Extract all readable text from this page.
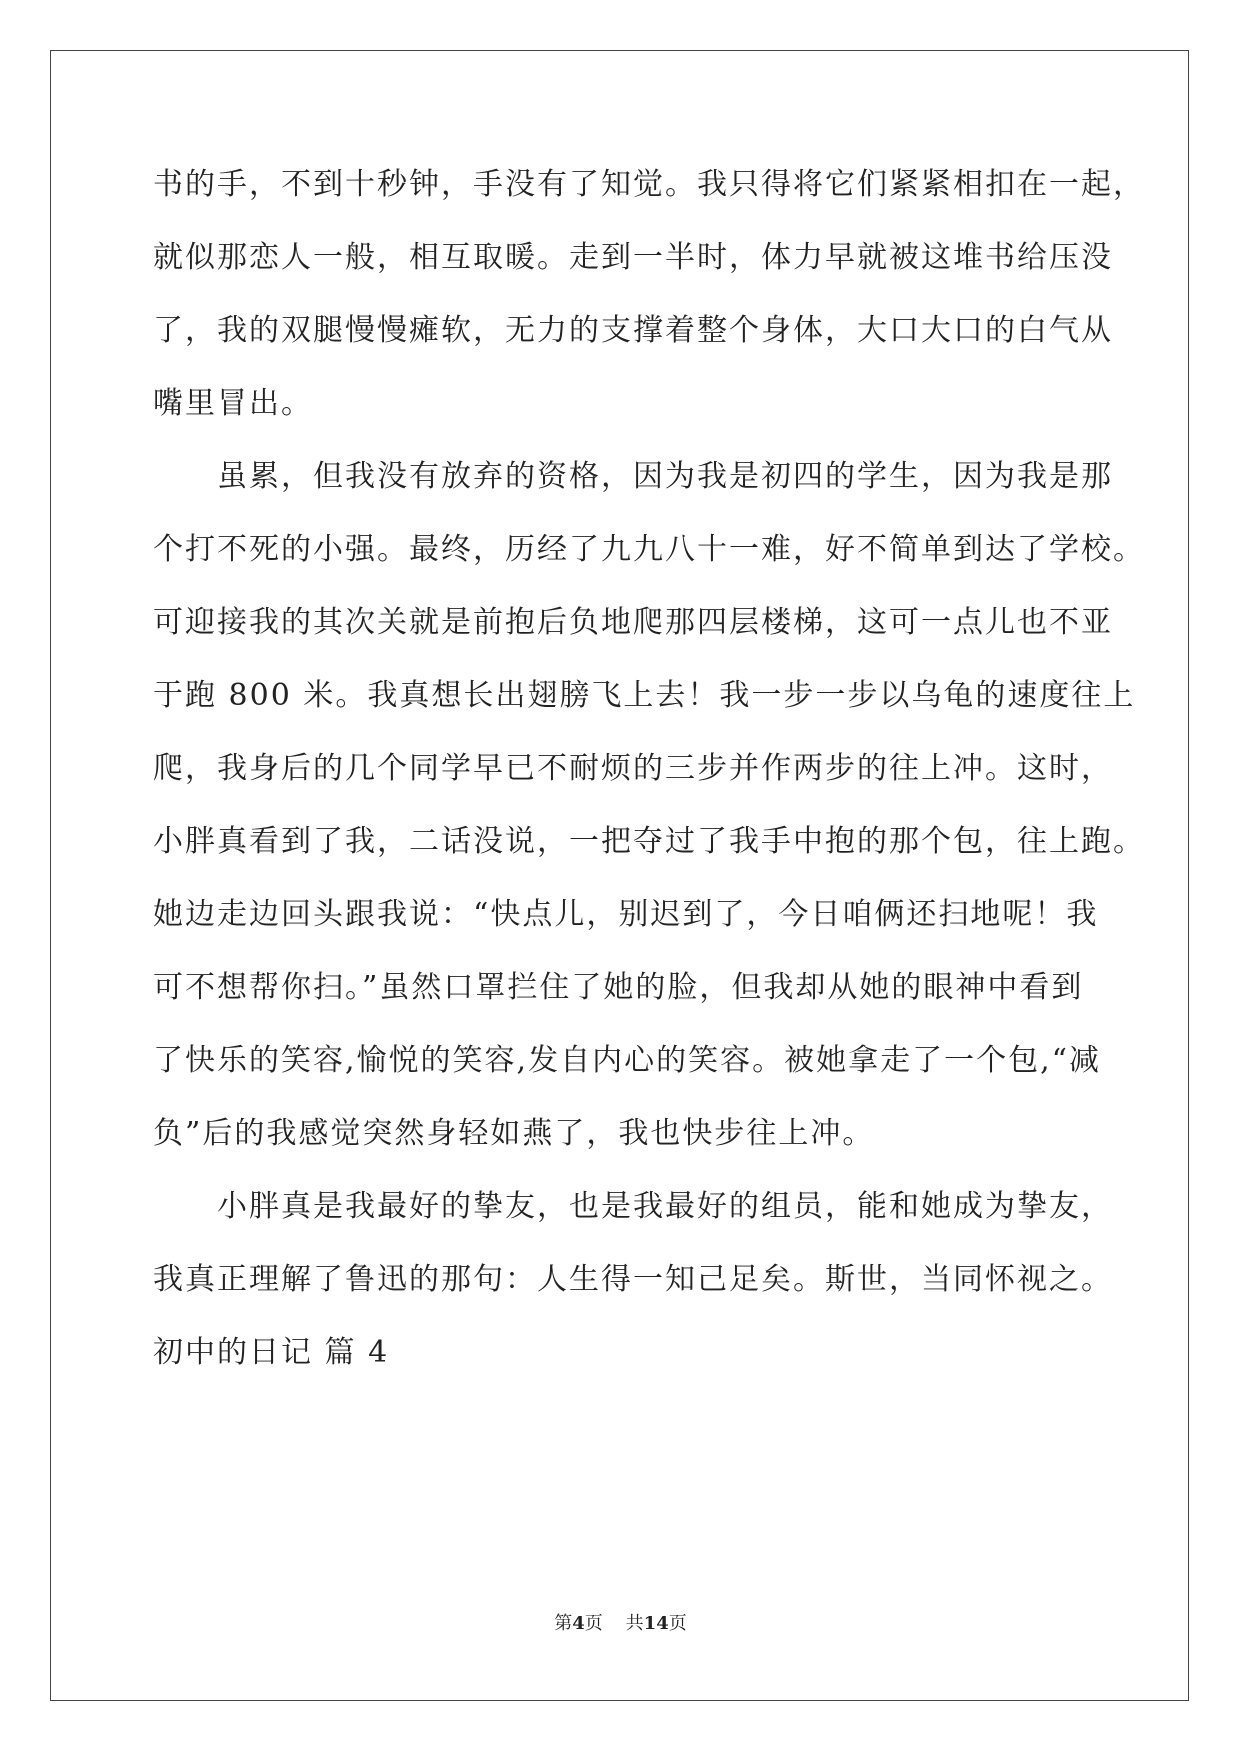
书的手，不到十秒钟，手没有了知觉。我只得将它们紧紧相扣在一起，
就似那恋人一般，相互取暖。走到一半时，体力早就被这堆书给压没
了，我的双腿慢慢瘫软，无力的支撑着整个身体，大口大口的白气从
嘴里冒出。
　　虽累，但我没有放弃的资格，因为我是初四的学生，因为我是那
个打不死的小强。最终，历经了九九八十一难，好不简单到达了学校。
可迎接我的其次关就是前抱后负地爬那四层楼梯，这可一点儿也不亚
于跑 800 米。我真想长出翅膀飞上去！我一步一步以乌龟的速度往上
爬，我身后的几个同学早已不耐烦的三步并作两步的往上冲。这时，
小胖真看到了我，二话没说，一把夺过了我手中抱的那个包，往上跑。
她边走边回头跟我说：“快点儿，别迟到了，今日咱俩还扫地呢！我
可不想帮你扫。”虽然口罩拦住了她的脸，但我却从她的眼神中看到
了快乐的笑容,愉悦的笑容,发自内心的笑容。被她拿走了一个包,“减
负”后的我感觉突然身轻如燕了，我也快步往上冲。
　　小胖真是我最好的挚友，也是我最好的组员，能和她成为挚友，
我真正理解了鲁迅的那句：人生得一知己足矣。斯世，当同怀视之。
初中的日记 篇 4
第4页 共14页
